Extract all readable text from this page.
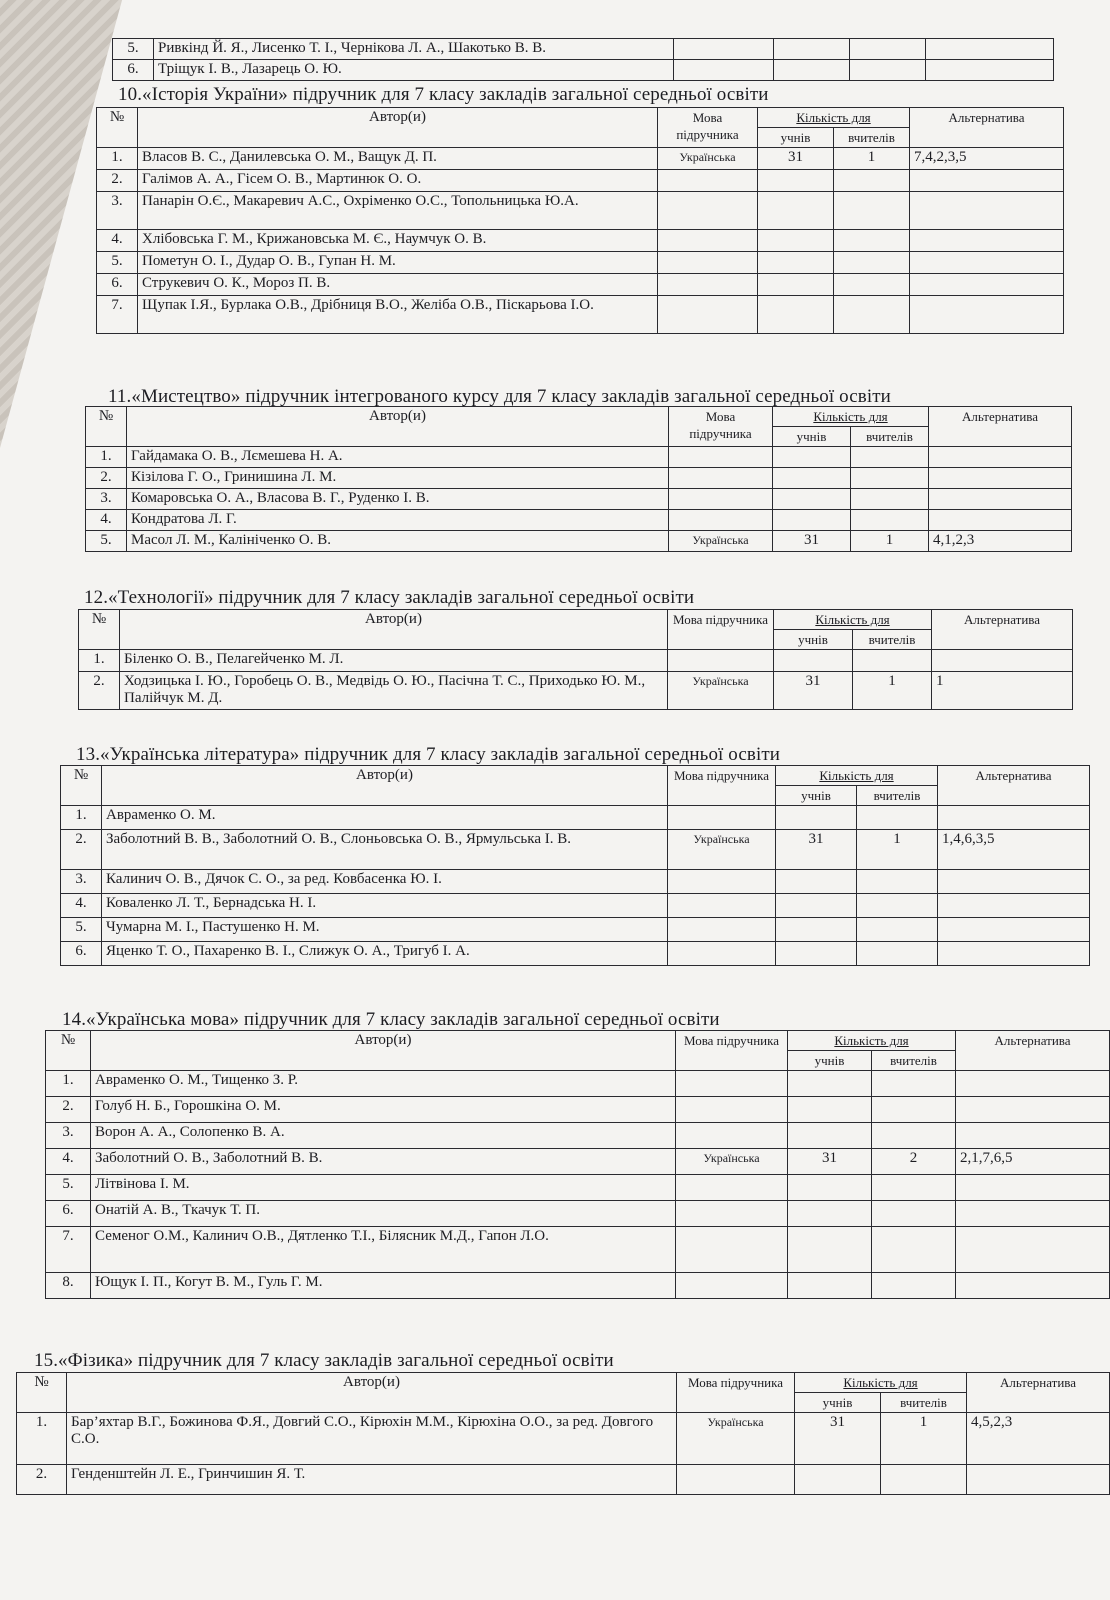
5.	Ривкінд Й. Я., Лисенко Т. І., Чернікова Л. А., Шакотько В. В.				
6.	Тріщук І. В., Лазарець О. Ю.				
10.«Історія України» підручник для 7 класу закладів загальної середньої освіти
№	Автор(и)	Мова підручника	Кількість для		Альтернатива
			учнів	вчителів	
1.	Власов В. С., Данилевська О. М., Ващук Д. П.	Українська	31	1	7,4,2,3,5
2.	Галімов А. А., Гісем О. В., Мартинюк О. О.				
3.	Панарін О.Є., Макаревич А.С., Охріменко О.С., Топольницька Ю.А.				
4.	Хлібовська Г. М., Крижановська М. Є., Наумчук О. В.				
5.	Пометун О. І., Дудар О. В., Гупан Н. М.				
6.	Струкевич О. К., Мороз П. В.				
7.	Щупак І.Я., Бурлака О.В., Дрібниця В.О., Желіба О.В., Піскарьова І.О.				
11.«Мистецтво» підручник інтегрованого курсу для 7 класу закладів загальної середньої освіти
№	Автор(и)	Мова підручника	Кількість для		Альтернатива
			учнів	вчителів	
1.	Гайдамака О. В., Лємешева Н. А.				
2.	Кізілова Г. О., Гринишина Л. М.				
3.	Комаровська О. А., Власова В. Г., Руденко І. В.				
4.	Кондратова Л. Г.				
5.	Масол Л. М., Калініченко О. В.	Українська	31	1	4,1,2,3
12.«Технології» підручник для 7 класу закладів загальної середньої освіти
№	Автор(и)	Мова підручника	Кількість для		Альтернатива
			учнів	вчителів	
1.	Біленко О. В., Пелагейченко М. Л.				
2.	Ходзицька І. Ю., Горобець О. В., Медвідь О. Ю., Пасічна Т. С., Приходько Ю. М., Палійчук М. Д.	Українська	31	1	1
13.«Українська література» підручник для 7 класу закладів загальної середньої освіти
№	Автор(и)	Мова підручника	Кількість для		Альтернатива
			учнів	вчителів	
1.	Авраменко О. М.				
2.	Заболотний В. В., Заболотний О. В., Слоньовська О. В., Ярмульська І. В.	Українська	31	1	1,4,6,3,5
3.	Калинич О. В., Дячок С. О., за ред. Ковбасенка Ю. І.				
4.	Коваленко Л. Т., Бернадська Н. І.				
5.	Чумарна М. І., Пастушенко Н. М.				
6.	Яценко Т. О., Пахаренко В. І., Слижук О. А., Тригуб І. А.				
14.«Українська мова» підручник для 7 класу закладів загальної середньої освіти
№	Автор(и)	Мова підручника	Кількість для		Альтернатива
			учнів	вчителів	
1.	Авраменко О. М., Тищенко З. Р.				
2.	Голуб Н. Б., Горошкіна О. М.				
3.	Ворон А. А., Солопенко В. А.				
4.	Заболотний О. В., Заболотний В. В.	Українська	31	2	2,1,7,6,5
5.	Літвінова І. М.				
6.	Онатій А. В., Ткачук Т. П.				
7.	Семеног О.М., Калинич О.В., Дятленко Т.І., Білясник М.Д., Гапон Л.О.				
8.	Ющук І. П., Когут В. М., Гуль Г. М.				
15.«Фізика» підручник для 7 класу закладів загальної середньої освіти
№	Автор(и)	Мова підручника	Кількість для		Альтернатива
			учнів	вчителів	
1.	Бар’яхтар В.Г., Божинова Ф.Я., Довгий С.О., Кірюхін М.М., Кірюхіна О.О., за ред. Довгого С.О.	Українська	31	1	4,5,2,3
2.	Генденштейн Л. Е., Гринчишин Я. Т.				
